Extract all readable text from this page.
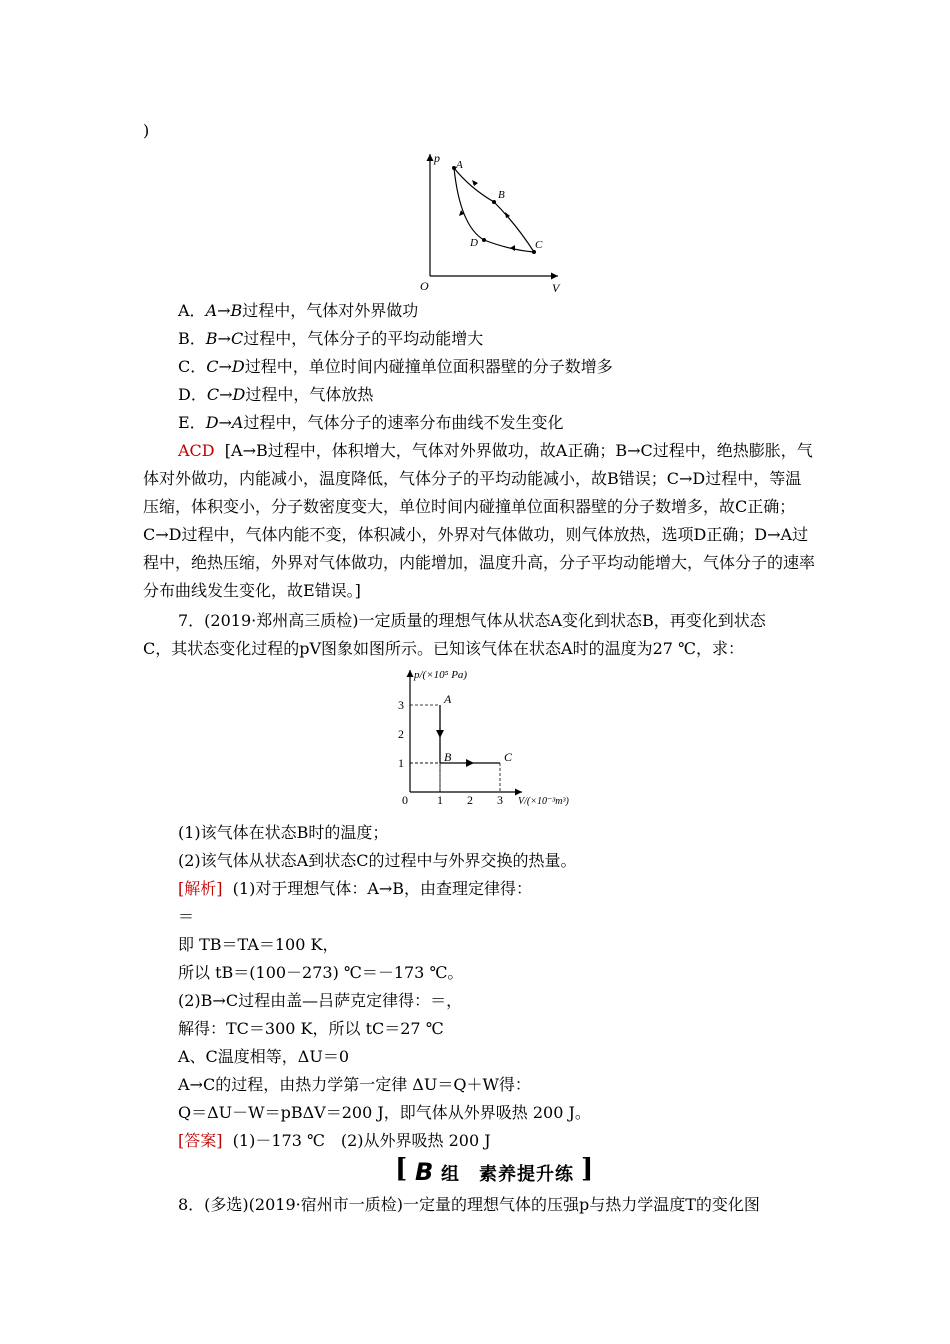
)
p
V
O
A
B
C
D
A．A→B过程中，气体对外界做功
B．B→C过程中，气体分子的平均动能增大
C．C→D过程中，单位时间内碰撞单位面积器壁的分子数增多
D．C→D过程中，气体放热
E．D→A过程中，气体分子的速率分布曲线不发生变化
ACD [A→B过程中，体积增大，气体对外界做功，故A正确；B→C过程中，绝热膨胀，气
体对外做功，内能减小，温度降低，气体分子的平均动能减小，故B错误；C→D过程中，等温
压缩，体积变小，分子数密度变大，单位时间内碰撞单位面积器壁的分子数增多，故C正确；
C→D过程中，气体内能不变，体积减小，外界对气体做功，则气体放热，选项D正确；D→A过
程中，绝热压缩，外界对气体做功，内能增加，温度升高，分子平均动能增大，气体分子的速率
分布曲线发生变化，故E错误。]
7．(2019·郑州高三质检)一定质量的理想气体从状态A变化到状态B，再变化到状态
C，其状态变化过程的pV图象如图所示。已知该气体在状态A时的温度为27 ℃，求：
p/(×10⁵ Pa)
V/(×10⁻³m³)
0 1 2 3
1
2
3	A
B	C
(1)该气体在状态B时的温度；
(2)该气体从状态A到状态C的过程中与外界交换的热量。
[解析] (1)对于理想气体：A→B，由查理定律得：
＝
即 TB＝TA＝100 K，
所以 tB＝(100－273) ℃＝－173 ℃。
(2)B→C过程由盖—吕萨克定律得：＝，
解得：TC＝300 K，所以 tC＝27 ℃
A、C温度相等，ΔU＝0
A→C的过程，由热力学第一定律 ΔU＝Q＋W得：
Q＝ΔU－W＝pBΔV＝200 J，即气体从外界吸热 200 J。
[答案] (1)－173 ℃　(2)从外界吸热 200 J
[ B 组　素养提升练 ]
8．(多选)(2019·宿州市一质检)一定量的理想气体的压强p与热力学温度T的变化图
